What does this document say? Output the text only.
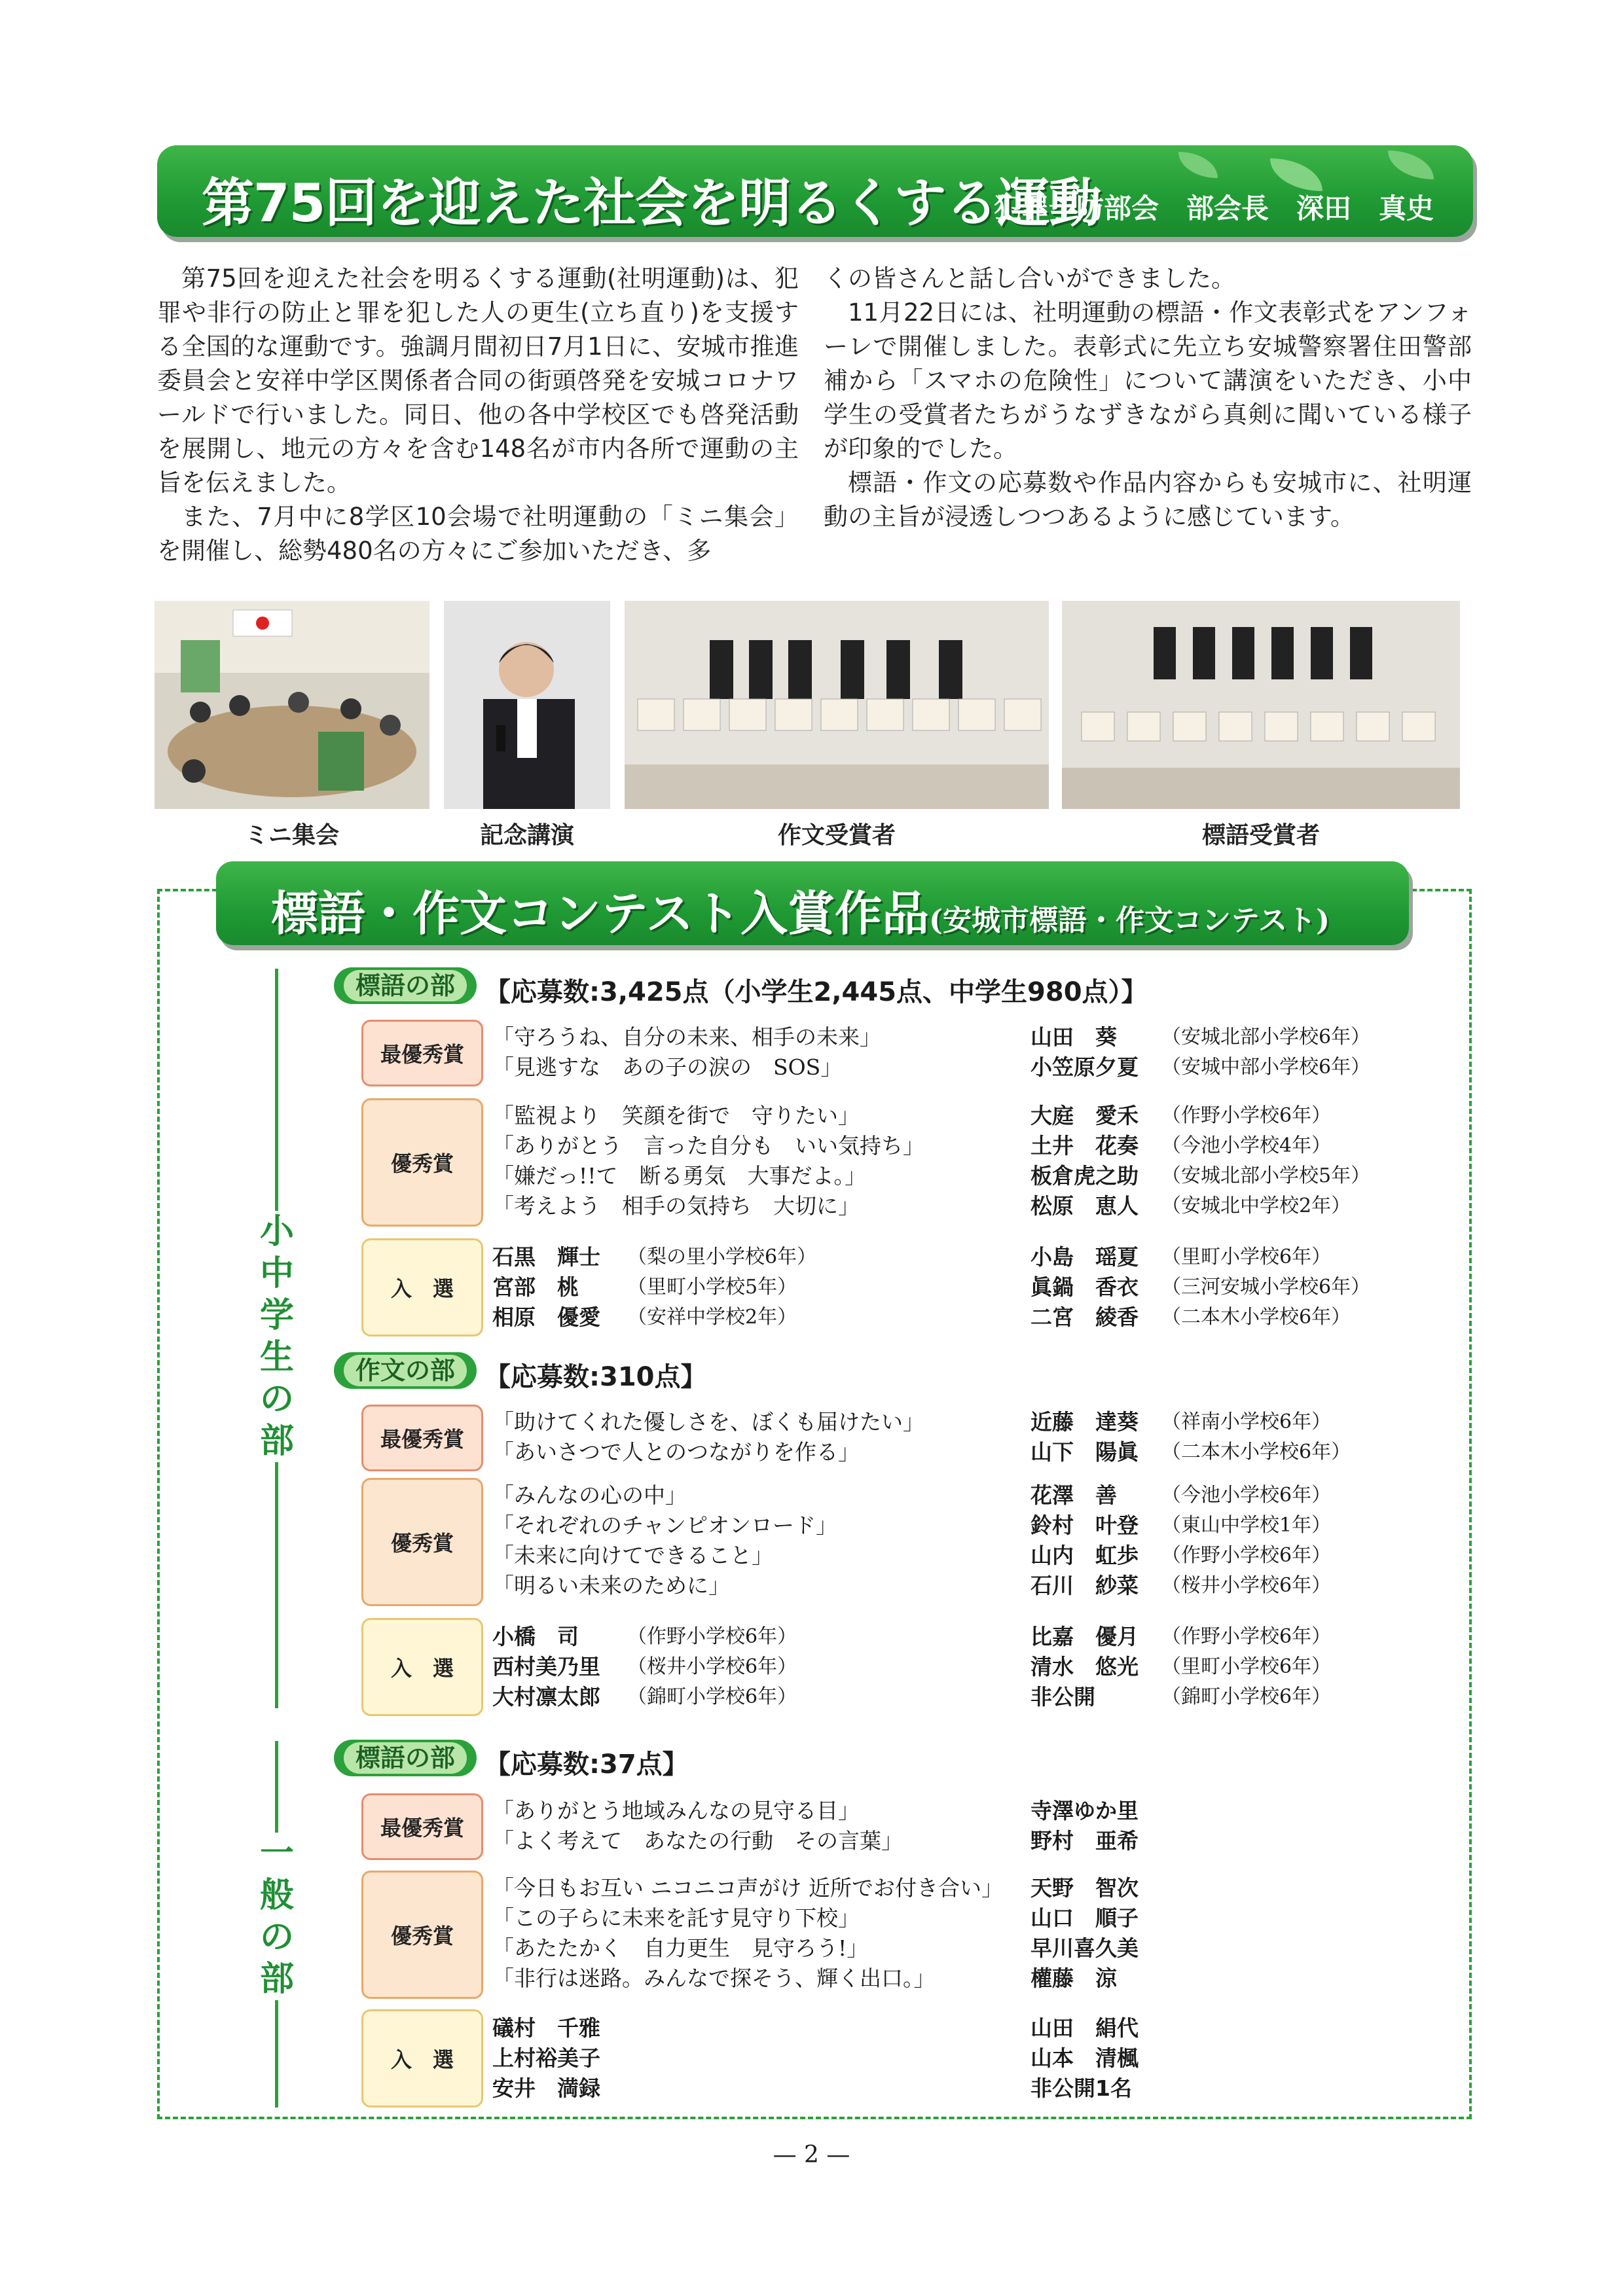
第75回を迎えた社会を明るくする運動
犯罪予防部会　部会長　深田　真史

第75回を迎えた社会を明るくする運動(社明運動)は、犯罪や非行の防止と罪を犯した人の更生(立ち直り)を支援する全国的な運動です。強調月間初日7月1日に、安城市推進委員会と安祥中学区関係者合同の街頭啓発を安城コロナワールドで行いました。同日、他の各中学校区でも啓発活動を展開し、地元の方々を含む148名が市内各所で運動の主旨を伝えました。

また、7月中に8学区10会場で社明運動の「ミニ集会」を開催し、総勢480名の方々にご参加いただき、多

くの皆さんと話し合いができました。

11月22日には、社明運動の標語・作文表彰式をアンフォーレで開催しました。表彰式に先立ち安城警察署住田警部補から「スマホの危険性」について講演をいただき、小中学生の受賞者たちがうなずきながら真剣に聞いている様子が印象的でした。

標語・作文の応募数や作品内容からも安城市に、社明運動の主旨が浸透しつつあるように感じています。

ミニ集会	記念講演	作文受賞者	標語受賞者
標語・作文コンテスト入賞作品(安城市標語・作文コンテスト)
小
中
学
生
の
部
一
般
の
部
標語の部	【応募数:3,425点（小学生2,445点、中学生980点）】
最優秀賞
「守ろうね、自分の未来、相手の未来」	山田　葵 （安城北部小学校6年）
「見逃すな　あの子の涙の　SOS」	小笠原夕夏 （安城中部小学校6年）
優秀賞
「監視より　笑顔を街で　守りたい」	大庭　愛禾 （作野小学校6年）
「ありがとう　言った自分も　いい気持ち」	土井　花奏 （今池小学校4年）
「嫌だっ!!て　断る勇気　大事だよ。」	板倉虎之助 （安城北部小学校5年）
「考えよう　相手の気持ち　大切に」	松原　恵人 （安城北中学校2年）
入　選
石黒　輝士 （梨の里小学校6年）	小島　瑶夏 （里町小学校6年）
宮部　桃 （里町小学校5年）	眞鍋　香衣 （三河安城小学校6年）
相原　優愛 （安祥中学校2年）	二宮　綾香 （二本木小学校6年）
作文の部	【応募数:310点】
最優秀賞
「助けてくれた優しさを、ぼくも届けたい」	近藤　達葵 （祥南小学校6年）
「あいさつで人とのつながりを作る」	山下　陽眞 （二本木小学校6年）
優秀賞
「みんなの心の中」	花澤　善 （今池小学校6年）
「それぞれのチャンピオンロード」	鈴村　叶登 （東山中学校1年）
「未来に向けてできること」	山内　虹歩 （作野小学校6年）
「明るい未来のために」	石川　紗菜 （桜井小学校6年）
入　選
小橋　司 （作野小学校6年）	比嘉　優月 （作野小学校6年）
西村美乃里 （桜井小学校6年）	清水　悠光 （里町小学校6年）
大村凛太郎 （錦町小学校6年）	非公開	（錦町小学校6年）
標語の部	【応募数:37点】
最優秀賞
「ありがとう地域みんなの見守る目」	寺澤ゆか里
「よく考えて　あなたの行動　その言葉」	野村　亜希
優秀賞
「今日もお互い ニコニコ声がけ 近所でお付き合い」 天野　智次
「この子らに未来を託す見守り下校」	山口　順子
「あたたかく　自力更生　見守ろう!」	早川喜久美
「非行は迷路。みんなで探そう、輝く出口。」	權藤　涼
入　選
礒村　千雅	山田　絹代
上村裕美子	山本　清楓
安井　満録	非公開1名
— 2 —
